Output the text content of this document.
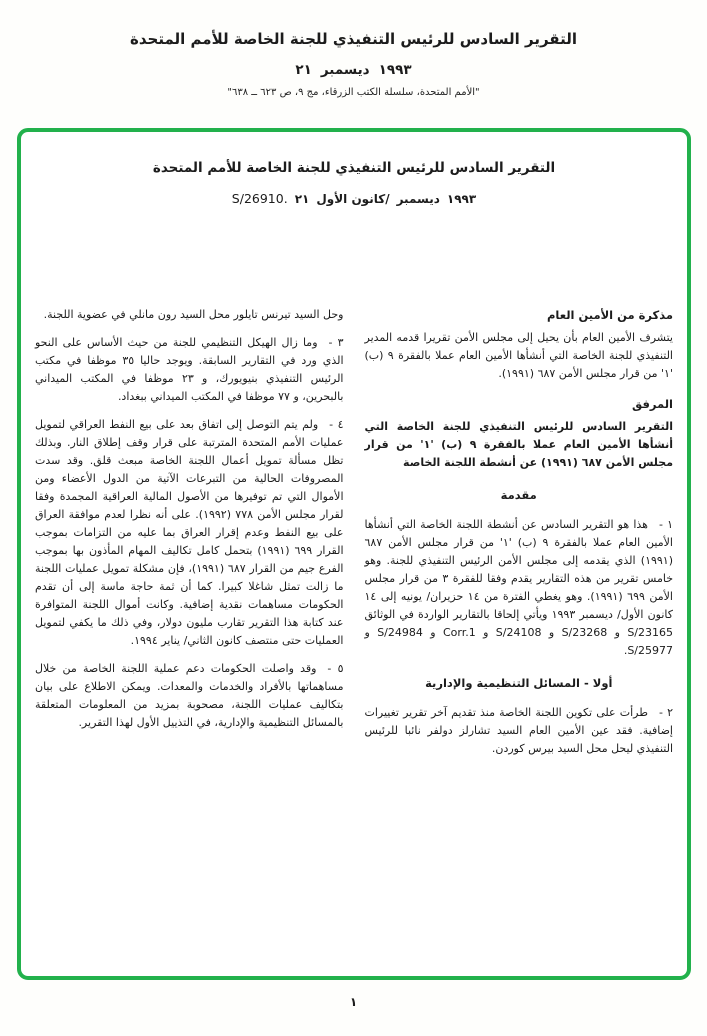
التقرير السادس للرئيس التنفيذي للجنة الخاصة للأمم المتحدة
٢١ ديسمبر ١٩٩٣
"الأمم المتحدة، سلسلة الكتب الزرقاء، مج ٩، ص ٦٢٣ ــ ٦٣٨"
التقرير السادس للرئيس التنفيذي للجنة الخاصة للأمم المتحدة
S/26910. ٢١ كانون الأول/ ديسمبر ١٩٩٣
مذكرة من الأمين العام

يتشرف الأمين العام بأن يحيل إلى مجلس الأمن تقريرا قدمه المدير التنفيذي للجنة الخاصة التي أنشأها الأمين العام عملا بالفقرة ٩ (ب) '١' من قرار مجلس الأمن ٦٨٧ (١٩٩١).

المرفق

التقرير السادس للرئيس التنفيذي للجنة الخاصة التي أنشأها الأمين العام عملا بالفقرة ٩ (ب) '١' من قرار مجلس الأمن ٦٨٧ (١٩٩١) عن أنشطة اللجنة الخاصة

مقدمة

١ - هذا هو التقرير السادس عن أنشطة اللجنة الخاصة التي أنشأها الأمين العام عملا بالفقرة ٩ (ب) '١' من قرار مجلس الأمن ٦٨٧ (١٩٩١) الذي يقدمه إلى مجلس الأمن الرئيس التنفيذي للجنة. وهو خامس تقرير من هذه التقارير يقدم وفقا للفقرة ٣ من قرار مجلس الأمن ٦٩٩ (١٩٩١). وهو يغطي الفترة من ١٤ حزيران/ يونيه إلى ١٤ كانون الأول/ ديسمبر ١٩٩٣ ويأتي إلحاقا بالتقارير الواردة في الوثائق S/23165 و S/23268 و S/24108 و Corr.1 و S/24984 و S/25977.

أولا - المسائل التنظيمية والإدارية

٢ - طرأت على تكوين اللجنة الخاصة منذ تقديم آخر تقرير تغييرات إضافية. فقد عين الأمين العام السيد تشارلز دولفر نائبا للرئيس التنفيذي ليحل محل السيد بيرس كوردن.

وحل السيد تيرنس تايلور محل السيد رون مانلي في عضوية اللجنة.

٣ - وما زال الهيكل التنظيمي للجنة من حيث الأساس على النحو الذي ورد في التقارير السابقة. ويوجد حاليا ٣٥ موظفا في مكتب الرئيس التنفيذي بنيويورك، و ٢٣ موظفا في المكتب الميداني بالبحرين، و ٧٧ موظفا في المكتب الميداني ببغداد.

٤ - ولم يتم التوصل إلى اتفاق بعد على بيع النفط العراقي لتمويل عمليات الأمم المتحدة المترتبة على قرار وقف إطلاق النار. وبذلك تظل مسألة تمويل أعمال اللجنة الخاصة مبعث قلق. وقد سدت المصروفات الحالية من التبرعات الآتية من الدول الأعضاء ومن الأموال التي تم توفيرها من الأصول المالية العراقية المجمدة وفقا لقرار مجلس الأمن ٧٧٨ (١٩٩٢). على أنه نظرا لعدم موافقة العراق على بيع النفط وعدم إقرار العراق بما عليه من التزامات بموجب القرار ٦٩٩ (١٩٩١) بتحمل كامل تكاليف المهام المأذون بها بموجب الفرع جيم من القرار ٦٨٧ (١٩٩١)، فإن مشكلة تمويل عمليات اللجنة ما زالت تمثل شاغلا كبيرا. كما أن ثمة حاجة ماسة إلى أن تقدم الحكومات مساهمات نقدية إضافية. وكانت أموال اللجنة المتوافرة عند كتابة هذا التقرير تقارب مليون دولار، وفي ذلك ما يكفي لتمويل العمليات حتى منتصف كانون الثاني/ يناير ١٩٩٤.

٥ - وقد واصلت الحكومات دعم عملية اللجنة الخاصة من خلال مساهماتها بالأفراد والخدمات والمعدات. ويمكن الاطلاع على بيان بتكاليف عمليات اللجنة، مصحوبة بمزيد من المعلومات المتعلقة بالمسائل التنظيمية والإدارية، في التذييل الأول لهذا التقرير.

١
